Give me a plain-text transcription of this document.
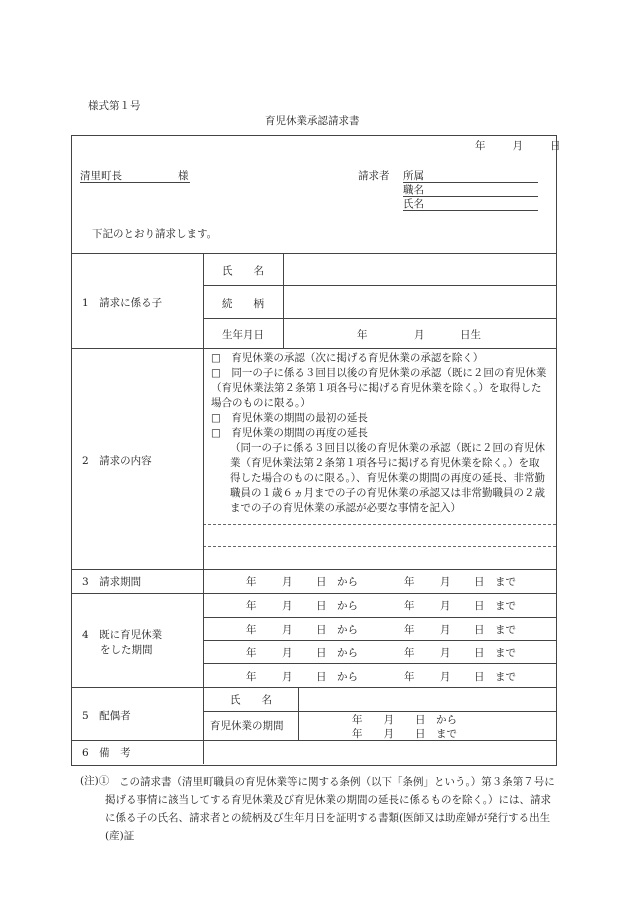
様式第１号
育児休業承認請求書
年　　月　　日
清里町長	様	請求者 所属
職名
氏名
下記のとおり請求します。
1　請求に係る子
氏　　名
続　　柄
生年月日	年	月	日生
2　請求の内容
□　育児休業の承認（次に掲げる育児休業の承認を除く）
□　同一の子に係る３回目以後の育児休業の承認（既に２回の育児休業（育児休業法第２条第１項各号に掲げる育児休業を除く。）を取得した場合のものに限る。）
□　育児休業の期間の最初の延長
□　育児休業の期間の再度の延長
（同一の子に係る３回目以後の育児休業の承認（既に２回の育児休業（育児休業法第２条第１項各号に掲げる育児休業を除く。）を取得した場合のものに限る。）、育児休業の期間の再度の延長、非常勤職員の１歳６ヵ月までの子の育児休業の承認又は非常勤職員の２歳までの子の育児休業の承認が必要な事情を記入）
3　請求期間	年 月 日 から	年 月 日 まで
4　既に育児休業
をした期間
年 月 日 から	年 月 日 まで
年 月 日 から	年 月 日 まで
年 月 日 から	年 月 日 まで
年 月 日 から	年 月 日 まで
5　配偶者
氏　　名
育児休業の期間	年　　月　　日　から
年　　月　　日　まで
6　備　考
(注)① この請求書（清里町職員の育児休業等に関する条例（以下「条例」という。）第３条第７号に掲げる事情に該当してする育児休業及び育児休業の期間の延長に係るものを除く。）には、請求に係る子の氏名、請求者との続柄及び生年月日を証明する書類(医師又は助産婦が発行する出生(産)証
